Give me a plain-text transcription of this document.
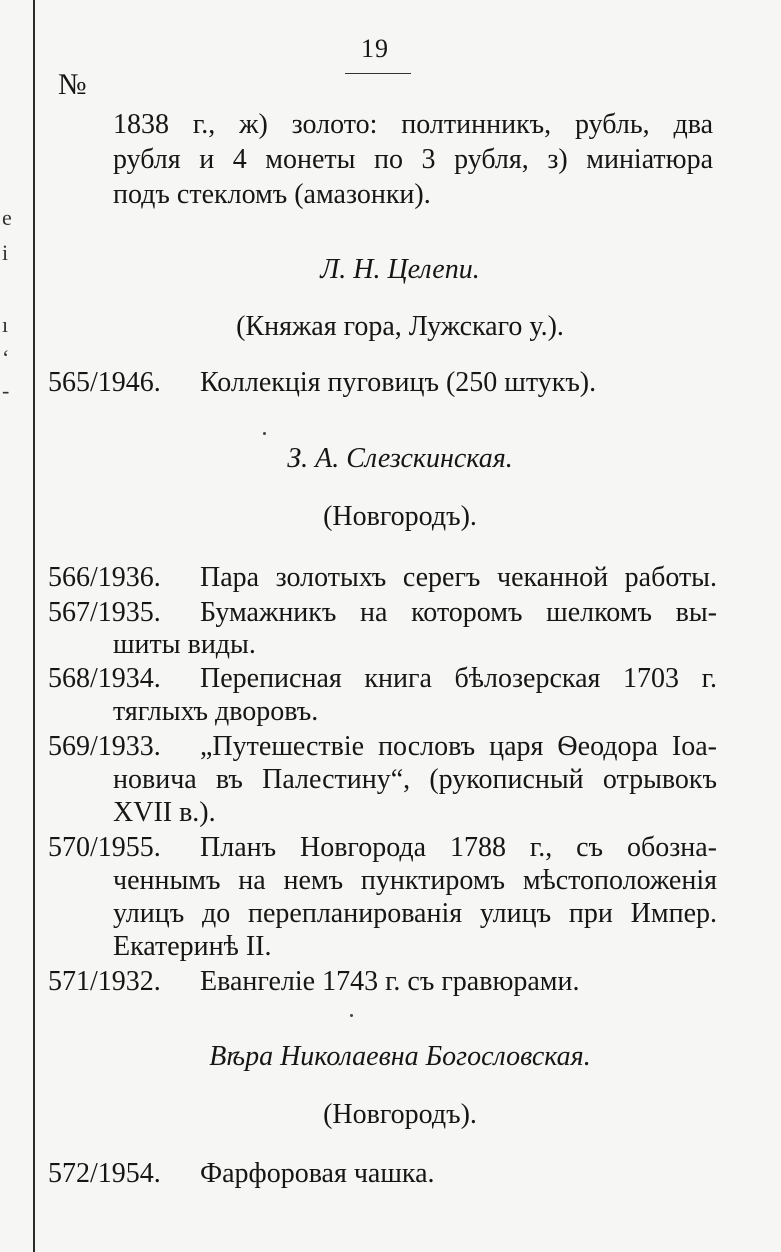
е
і
ı
‘
-
19
№
1838 г., ж) золото: полтинникъ, рубль, два
рубля и 4 монеты по 3 рубля, з) миніатюра
подъ стекломъ (амазонки).
Л. Н. Целепи.
(Княжая гора, Лужскаго у.).
565/1946. Коллекція пуговицъ (250 штукъ).
З. А. Слезскинская.
(Новгородъ).
566/1936. Пара золотыхъ серегъ чеканной работы.
567/1935. Бумажникъ на которомъ шелкомъ вы-
шиты виды.
568/1934. Переписная книга бѣлозерская 1703 г.
тяглыхъ дворовъ.
569/1933. „Путешествіе пословъ царя Ѳеодора Іоа-
новича въ Палестину“, (рукописный отрывокъ
XVII в.).
570/1955. Планъ Новгорода 1788 г., съ обозна-
ченнымъ на немъ пунктиромъ мѣстоположенія
улицъ до перепланированія улицъ при Импер.
Екатеринѣ II.
571/1932. Евангеліе 1743 г. съ гравюрами.
Вѣра Николаевна Богословская.
(Новгородъ).
572/1954. Фарфоровая чашка.
